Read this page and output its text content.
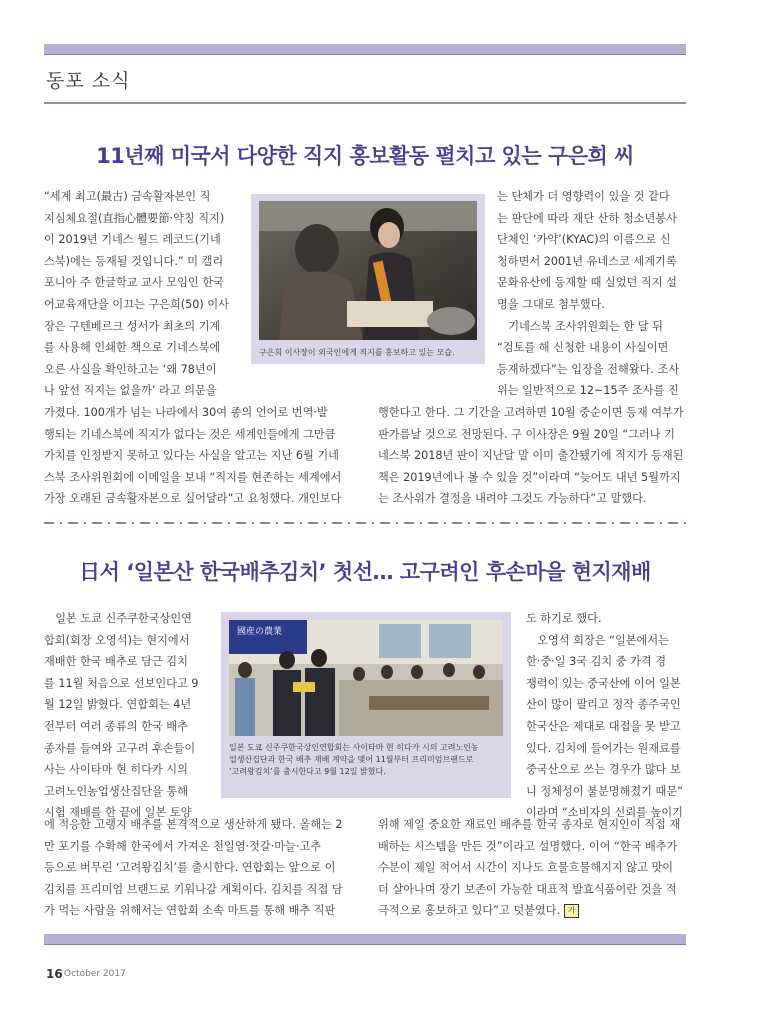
동포 소식
11년째 미국서 다양한 직지 홍보활동 펼치고 있는 구은희 씨
“세계 최고(最古) 금속활자본인 직
지심체요절(直指心體要節·약칭 직지)
이 2019년 기네스 월드 레코드(기네
스북)에는 등재될 것입니다.” 미 캘리
포니아 주 한글학교 교사 모임인 한국
어교육재단을 이끄는 구은희(50) 이사
장은 구텐베르크 성서가 최초의 기계
를 사용해 인쇄한 책으로 기네스북에
오른 사실을 확인하고는 ‘왜 78년이
나 앞선 직지는 없을까’ 라고 의문을
가졌다. 100개가 넘는 나라에서 30여 종의 언어로 번역·발
행되는 기네스북에 직지가 없다는 것은 세계인들에게 그만큼
가치를 인정받지 못하고 있다는 사실을 알고는 지난 6월 기네
스북 조사위원회에 이메일을 보내 “직지를 현존하는 세계에서
가장 오래된 금속활자본으로 실어달라”고 요청했다. 개인보다
는 단체가 더 영향력이 있을 것 같다
는 판단에 따라 재단 산하 청소년봉사
단체인 ‘카약’(KYAC)의 이름으로 신
청하면서 2001년 유네스코 세계기록
문화유산에 등재할 때 실었던 직지 설
명을 그대로 첨부했다.
　기네스북 조사위원회는 한 달 뒤
“검토를 해 신청한 내용이 사실이면
등재하겠다”는 입장을 전해왔다. 조사
위는 일반적으로 12~15주 조사를 진
행한다고 한다. 그 기간을 고려하면 10월 중순이면 등재 여부가
판가름날 것으로 전망된다. 구 이사장은 9월 20일 “그러나 기
네스북 2018년 판이 지난달 말 이미 출간됐기에 직지가 등재된
책은 2019년에나 볼 수 있을 것”이라며 “늦어도 내년 5월까지
는 조사위가 결정을 내려야 그것도 가능하다”고 말했다.
구은희 이사장이 외국인에게 직지를 홍보하고 있는 모습.
日서 ‘일본산 한국배추김치’ 첫선… 고구려인 후손마을 현지재배
　일본 도쿄 신주쿠한국상인연
합회(회장 오영석)는 현지에서
재배한 한국 배추로 담근 김치
를 11월 처음으로 선보인다고 9
월 12일 밝혔다. 연합회는 4년
전부터 여러 종류의 한국 배추
종자를 들여와 고구려 후손들이
사는 사이타마 현 히다카 시의
고려노인농업생산집단을 통해
시험 재배를 한 끝에 일본 토양
에 적응한 고랭지 배추를 본격적으로 생산하게 됐다. 올해는 2
만 포기를 수확해 한국에서 가져온 천일염·젓갈·마늘·고추
등으로 버무린 ‘고려왕김치’를 출시한다. 연합회는 앞으로 이
김치를 프리미엄 브랜드로 키워나갈 계획이다. 김치를 직접 담
가 먹는 사람을 위해서는 연합회 소속 마트를 통해 배추 직판
도 하기로 했다.
　오영석 회장은 “일본에서는
한·중·일 3국 김치 중 가격 경
쟁력이 있는 중국산에 이어 일본
산이 많이 팔리고 정작 종주국인
한국산은 제대로 대접을 못 받고
있다. 김치에 들어가는 원재료를
중국산으로 쓰는 경우가 많다 보
니 정체성이 불분명해졌기 때문”
이라며 “소비자의 신뢰를 높이기
위해 제일 중요한 재료인 배추를 한국 종자로 현지인이 직접 재
배하는 시스템을 만든 것”이라고 설명했다. 이어 “한국 배추가
수분이 제일 적어서 시간이 지나도 흐물흐물해지지 않고 맛이
더 살아나며 장기 보존이 가능한 대표적 발효식품이란 것을 적
극적으로 홍보하고 있다”고 덧붙였다. 가
國産の農業
일본 도쿄 신주쿠한국상인연합회는 사이타마 현 히다카 시의 고려노인농
업생산집단과 한국 배추 재배 계약을 맺어 11월부터 프리미엄브랜드로
‘고려왕김치’를 출시한다고 9월 12일 밝혔다.
16 October 2017
